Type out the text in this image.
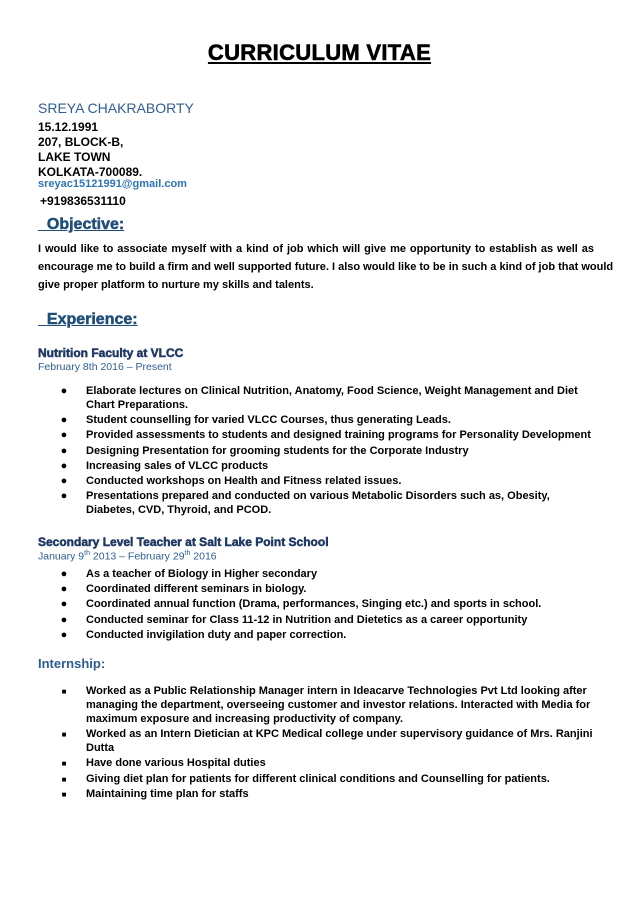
CURRICULUM VITAE
SREYA CHAKRABORTY
15.12.1991
207, BLOCK-B,
LAKE TOWN
KOLKATA-700089.
sreyac15121991@gmail.com
+919836531110
Objective:
I would like to associate myself with a kind of job which will give me opportunity to establish as well as
encourage me to build a firm and well supported future. I also would like to be in such a kind of job that would
give proper platform to nurture my skills and talents.
Experience:
Nutrition Faculty at VLCC
February 8th 2016 – Present
● Elaborate lectures on Clinical Nutrition, Anatomy, Food Science, Weight Management and Diet Chart Preparations.
● Student counselling for varied VLCC Courses, thus generating Leads.
● Provided assessments to students and designed training programs for Personality Development
● Designing Presentation for grooming students for the Corporate Industry
● Increasing sales of VLCC products
● Conducted workshops on Health and Fitness related issues.
● Presentations prepared and conducted on various Metabolic Disorders such as, Obesity, Diabetes, CVD, Thyroid, and PCOD.
Secondary Level Teacher at Salt Lake Point School
January 9th 2013 – February 29th 2016
● As a teacher of Biology in Higher secondary
● Coordinated different seminars in biology.
● Coordinated annual function (Drama, performances, Singing etc.) and sports in school.
● Conducted seminar for Class 11-12 in Nutrition and Dietetics as a career opportunity
● Conducted invigilation duty and paper correction.
Internship:
■ Worked as a Public Relationship Manager intern in Ideacarve Technologies Pvt Ltd looking after managing the department, overseeing customer and investor relations. Interacted with Media for maximum exposure and increasing productivity of company.
■ Worked as an Intern Dietician at KPC Medical college under supervisory guidance of Mrs. Ranjini Dutta
■ Have done various Hospital duties
■ Giving diet plan for patients for different clinical conditions and Counselling for patients.
■ Maintaining time plan for staffs
